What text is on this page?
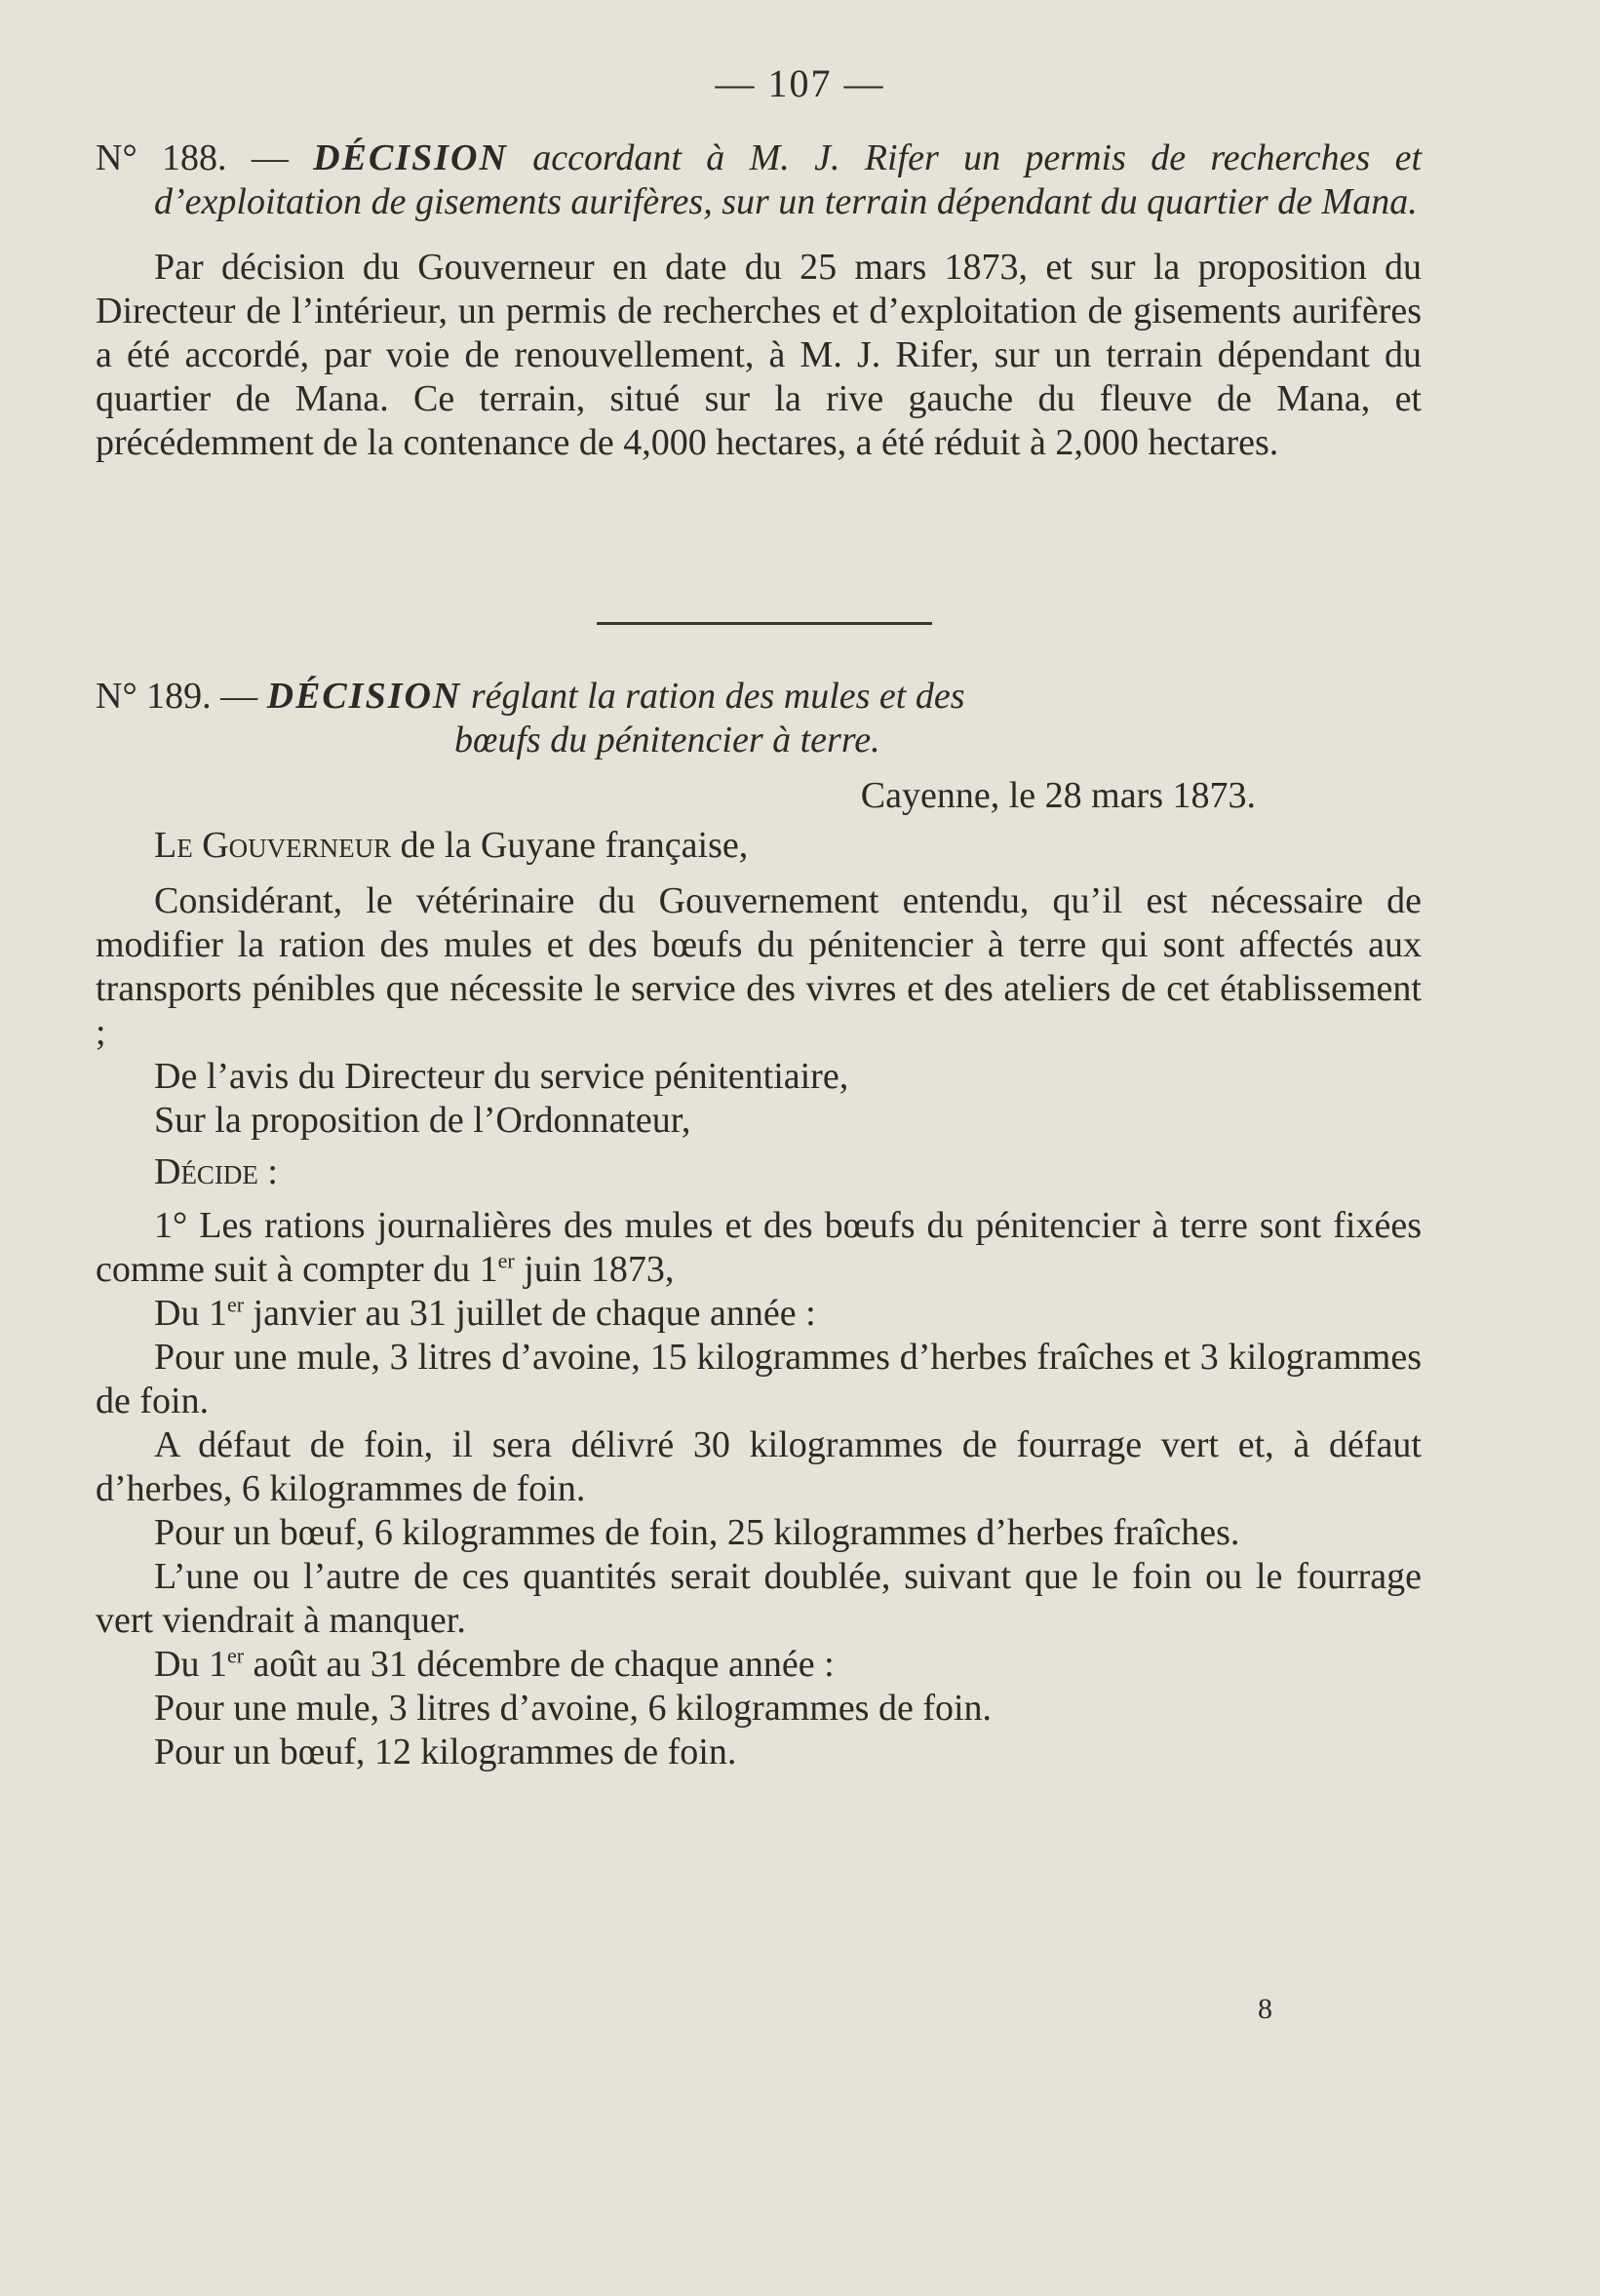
— 107 —

N° 188. — DÉCISION accordant à M. J. Rifer un permis de recherches et d’exploitation de gisements aurifères, sur un terrain dépendant du quartier de Mana.

Par décision du Gouverneur en date du 25 mars 1873, et sur la proposition du Directeur de l’intérieur, un permis de recherches et d’exploitation de gisements aurifères a été accordé, par voie de renouvellement, à M. J. Rifer, sur un terrain dépendant du quartier de Mana. Ce terrain, situé sur la rive gauche du fleuve de Mana, et précédemment de la contenance de 4,000 hectares, a été réduit à 2,000 hectares.

N° 189. — DÉCISION réglant la ration des mules et des

bœufs du pénitencier à terre.

Cayenne, le 28 mars 1873.

Le Gouverneur de la Guyane française,

Considérant, le vétérinaire du Gouvernement entendu, qu’il est nécessaire de modifier la ration des mules et des bœufs du pénitencier à terre qui sont affectés aux transports pénibles que nécessite le service des vivres et des ateliers de cet établissement ;

De l’avis du Directeur du service pénitentiaire,

Sur la proposition de l’Ordonnateur,

Décide :

1° Les rations journalières des mules et des bœufs du pénitencier à terre sont fixées comme suit à compter du 1er juin 1873,

Du 1er janvier au 31 juillet de chaque année :

Pour une mule, 3 litres d’avoine, 15 kilogrammes d’herbes fraîches et 3 kilogrammes de foin.

A défaut de foin, il sera délivré 30 kilogrammes de fourrage vert et, à défaut d’herbes, 6 kilogrammes de foin.

Pour un bœuf, 6 kilogrammes de foin, 25 kilogrammes d’herbes fraîches.

L’une ou l’autre de ces quantités serait doublée, suivant que le foin ou le fourrage vert viendrait à manquer.

Du 1er août au 31 décembre de chaque année :

Pour une mule, 3 litres d’avoine, 6 kilogrammes de foin.

Pour un bœuf, 12 kilogrammes de foin.

8
